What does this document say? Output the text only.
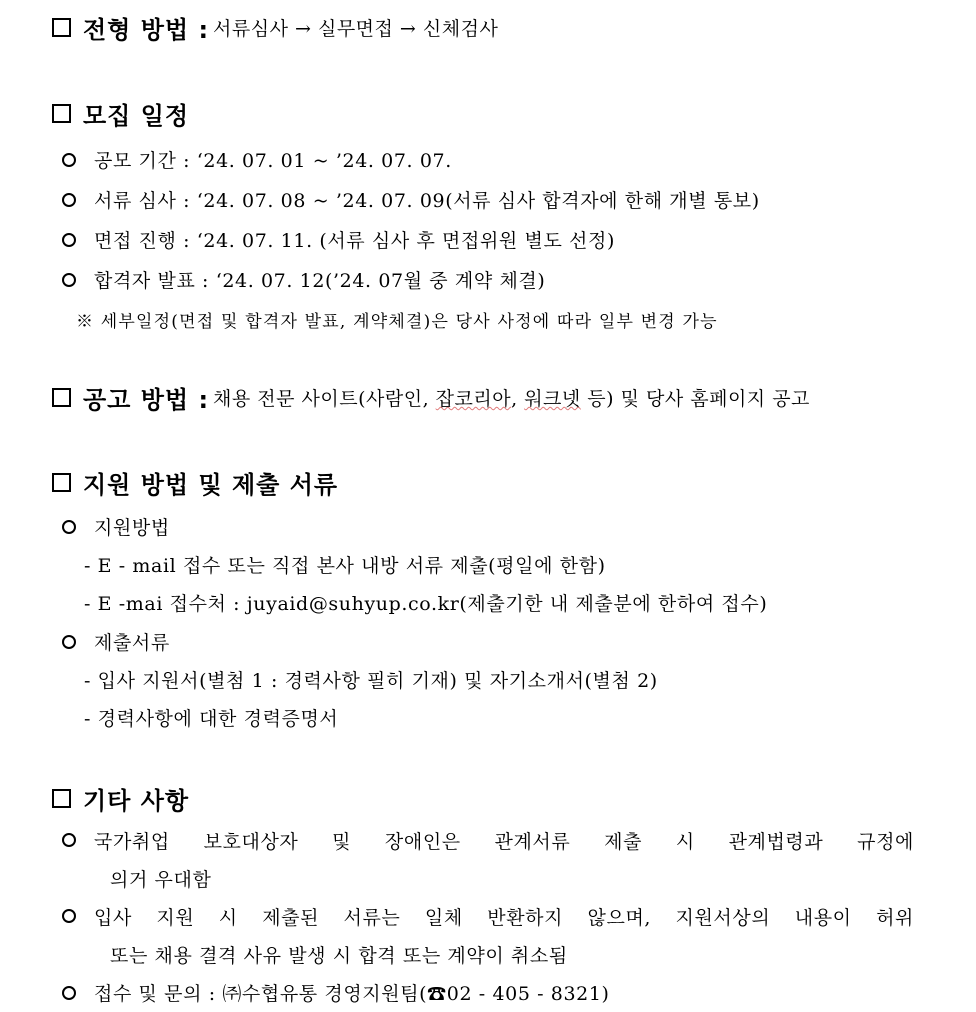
전형 방법 : 서류심사 → 실무면접 → 신체검사
모집 일정
공모 기간 : ‘24. 07. 01 ~ ’24. 07. 07.
서류 심사 : ‘24. 07. 08 ~ ’24. 07. 09(서류 심사 합격자에 한해 개별 통보)
면접 진행 : ‘24. 07. 11. (서류 심사 후 면접위원 별도 선정)
합격자 발표 : ‘24. 07. 12(’24. 07월 중 계약 체결)
※ 세부일정(면접 및 합격자 발표, 계약체결)은 당사 사정에 따라 일부 변경 가능
공고 방법 : 채용 전문 사이트(사람인, 잡코리아, 워크넷 등) 및 당사 홈페이지 공고
지원 방법 및 제출 서류
지원방법
- E - mail 접수 또는 직접 본사 내방 서류 제출(평일에 한함)
- E -mai 접수처 : juyaid@suhyup.co.kr(제출기한 내 제출분에 한하여 접수)
제출서류
- 입사 지원서(별첨 1 : 경력사항 필히 기재) 및 자기소개서(별첨 2)
- 경력사항에 대한 경력증명서
기타 사항
국가취업 보호대상자 및 장애인은 관계서류 제출 시 관계법령과 규정에
의거 우대함
입사 지원 시 제출된 서류는 일체 반환하지 않으며, 지원서상의 내용이 허위
또는 채용 결격 사유 발생 시 합격 또는 계약이 취소됨
접수 및 문의 : ㈜수협유통 경영지원팀(☎02 - 405 - 8321)
